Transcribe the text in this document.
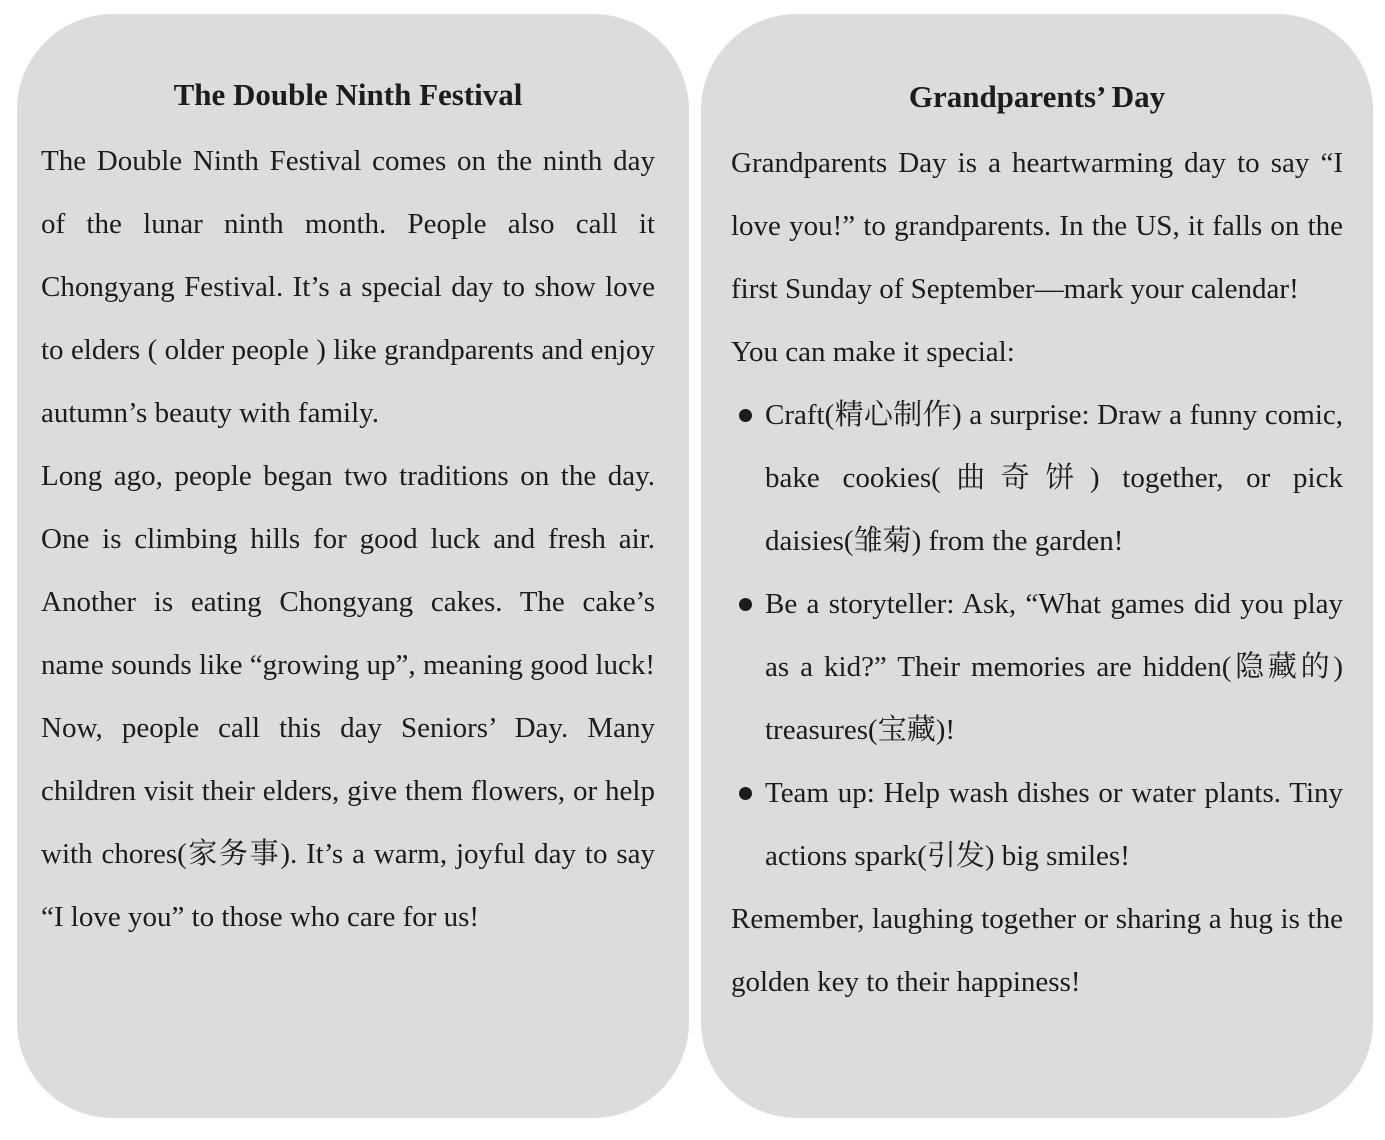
The Double Ninth Festival

The Double Ninth Festival comes on the ninth day of the lunar ninth month. People also call it Chongyang Festival. It’s a special day to show love to elders ( older people ) like grandparents and enjoy autumn’s beauty with family.

Long ago, people began two traditions on the day. One is climbing hills for good luck and fresh air. Another is eating Chongyang cakes. The cake’s name sounds like “growing up”, meaning good luck! Now, people call this day Seniors’ Day. Many children visit their elders, give them flowers, or help with chores(家务事). It’s a warm, joyful day to say “I love you” to those who care for us!

Grandparents’ Day

Grandparents Day is a heartwarming day to say “I love you!” to grandparents. In the US, it falls on the first Sunday of September—mark your calendar!

You can make it special:

Craft(精心制作) a surprise: Draw a funny comic, bake cookies(曲奇饼) together, or pick daisies(雏菊) from the garden!
Be a storyteller: Ask, “What games did you play as a kid?” Their memories are hidden(隐藏的) treasures(宝藏)!
Team up: Help wash dishes or water plants. Tiny actions spark(引发) big smiles!

Remember, laughing together or sharing a hug is the golden key to their happiness!
